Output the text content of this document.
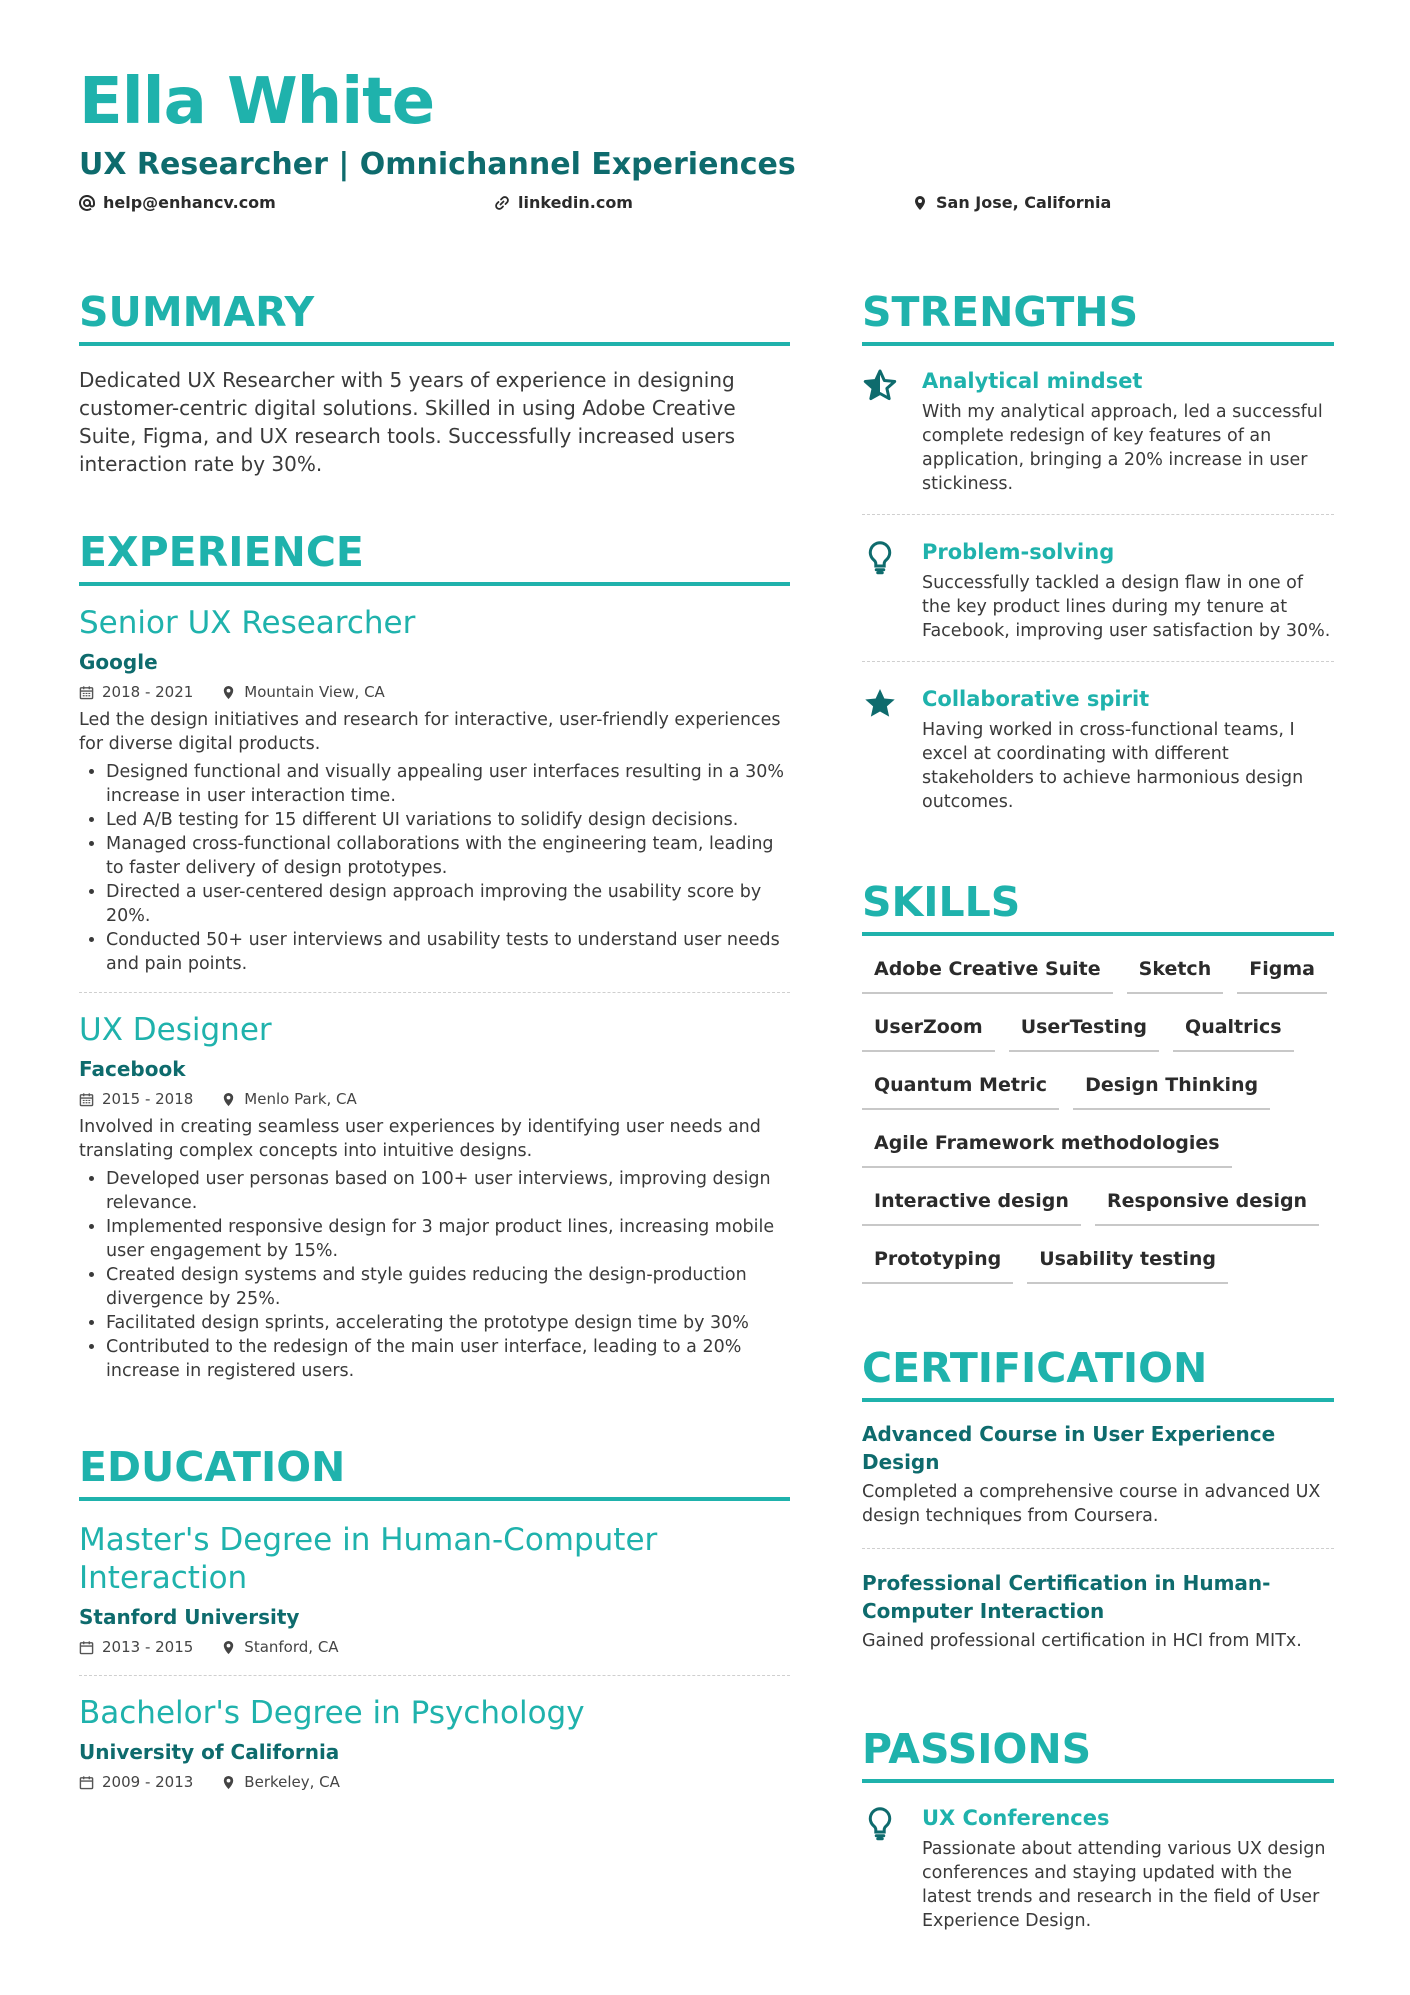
Ella White
UX Researcher | Omnichannel Experiences
help@enhancv.com	linkedin.com	San Jose, California
SUMMARY

Dedicated UX Researcher with 5 years of experience in designing customer-centric digital solutions. Skilled in using Adobe Creative Suite, Figma, and UX research tools. Successfully increased users interaction rate by 30%.

EXPERIENCE
Senior UX Researcher
Google
2018 - 2021	Mountain View, CA
Led the design initiatives and research for interactive, user-friendly experiences for diverse digital products.
• Designed functional and visually appealing user interfaces resulting in a 30% increase in user interaction time.
• Led A/B testing for 15 different UI variations to solidify design decisions.
• Managed cross-functional collaborations with the engineering team, leading to faster delivery of design prototypes.
• Directed a user-centered design approach improving the usability score by 20%.
• Conducted 50+ user interviews and usability tests to understand user needs and pain points.
UX Designer
Facebook
2015 - 2018	Menlo Park, CA
Involved in creating seamless user experiences by identifying user needs and translating complex concepts into intuitive designs.
• Developed user personas based on 100+ user interviews, improving design relevance.
• Implemented responsive design for 3 major product lines, increasing mobile user engagement by 15%.
• Created design systems and style guides reducing the design-production divergence by 25%.
• Facilitated design sprints, accelerating the prototype design time by 30%
• Contributed to the redesign of the main user interface, leading to a 20% increase in registered users.
EDUCATION
Master's Degree in Human-Computer Interaction
Stanford University
2013 - 2015	Stanford, CA
Bachelor's Degree in Psychology
University of California
2009 - 2013	Berkeley, CA
STRENGTHS
Analytical mindset
With my analytical approach, led a successful complete redesign of key features of an application, bringing a 20% increase in user stickiness.
Problem-solving
Successfully tackled a design flaw in one of the key product lines during my tenure at Facebook, improving user satisfaction by 30%.
Collaborative spirit
Having worked in cross-functional teams, I excel at coordinating with different stakeholders to achieve harmonious design outcomes.
SKILLS
Adobe Creative Suite	Sketch	Figma
UserZoom	UserTesting	Qualtrics
Quantum Metric	Design Thinking
Agile Framework methodologies
Interactive design	Responsive design
Prototyping	Usability testing
CERTIFICATION
Advanced Course in User Experience Design
Completed a comprehensive course in advanced UX design techniques from Coursera.
Professional Certification in Human-Computer Interaction
Gained professional certification in HCI from MITx.
PASSIONS
UX Conferences
Passionate about attending various UX design conferences and staying updated with the latest trends and research in the field of User Experience Design.
